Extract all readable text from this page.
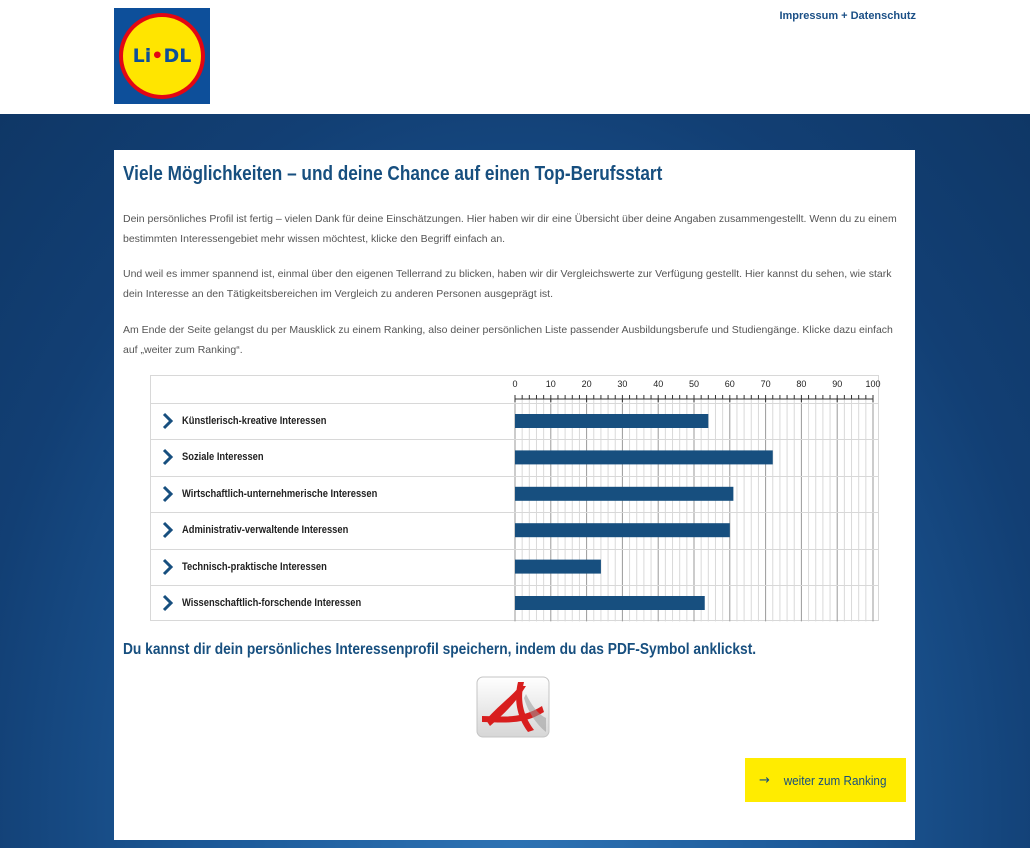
Li•DL
Impressum + Datenschutz
Viele Möglichkeiten – und deine Chance auf einen Top-Berufsstart
Dein persönliches Profil ist fertig – vielen Dank für deine Einschätzungen. Hier haben wir dir eine Übersicht über deine Angaben zusammengestellt. Wenn du zu einem bestimmten Interessengebiet mehr wissen möchtest, klicke den Begriff einfach an.
Und weil es immer spannend ist, einmal über den eigenen Tellerrand zu blicken, haben wir dir Vergleichswerte zur Verfügung gestellt. Hier kannst du sehen, wie stark dein Interesse an den Tätigkeitsbereichen im Vergleich zu anderen Personen ausgeprägt ist.
Am Ende der Seite gelangst du per Mausklick zu einem Ranking, also deiner persönlichen Liste passender Ausbildungsberufe und Studiengänge. Klicke dazu einfach auf „weiter zum Ranking“.
0	10	20	30	40	50	60	70	80	90	100
Künstlerisch-kreative Interessen
Soziale Interessen
Wirtschaftlich-unternehmerische Interessen
Administrativ-verwaltende Interessen
Technisch-praktische Interessen
Wissenschaftlich-forschende Interessen
Du kannst dir dein persönliches Interessenprofil speichern, indem du das PDF-Symbol anklickst.
→ weiter zum Ranking
